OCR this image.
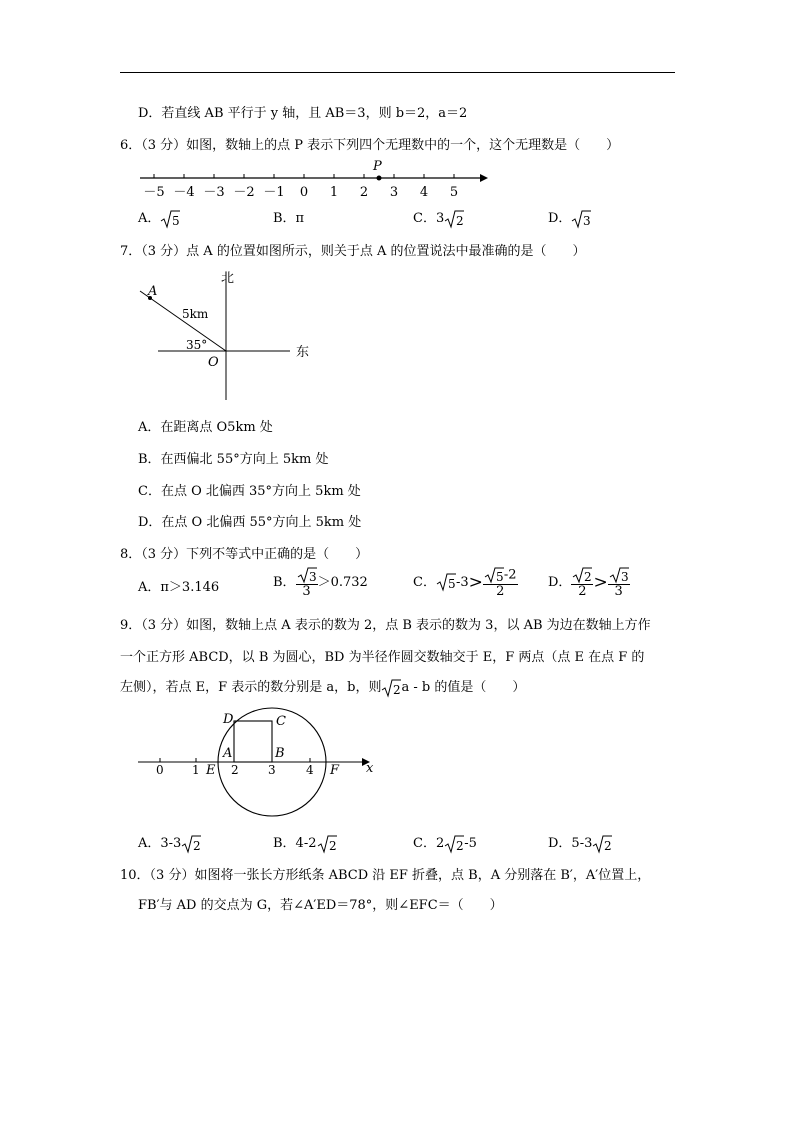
D．若直线 AB 平行于 y 轴，且 AB＝3，则 b＝2，a＝2
6．（3 分）如图，数轴上的点 P 表示下列四个无理数中的一个，这个无理数是（　　）
－5 －4 －3 －2 －1 0 1 2 3 4 5
P
A． 5	B．π	C．3 2	D． 3
7．（3 分）点 A 的位置如图所示，则关于点 A 的位置说法中最准确的是（　　）
北
东
A
O
5km
35°
A．在距离点 O5km 处
B．在西偏北 55°方向上 5km 处
C．在点 O 北偏西 35°方向上 5km 处
D．在点 O 北偏西 55°方向上 5km 处
8．（3 分）下列不等式中正确的是（　　）
A．π＞3.146	B． $\frac{3}{3} >0.732$	C． 5 $-3> \frac{5 -2}{2}$ D． $\frac{2}{2} > \frac{3}{3}$
9．（3 分）如图，数轴上点 A 表示的数为 2，点 B 表示的数为 3，以 AB 为边在数轴上方作
一个正方形 ABCD，以 B 为圆心，BD 为半径作圆交数轴交于 E，F 两点（点 E 在点 F 的
左侧），若点 E，F 表示的数分别是 a，b，则 2 a - b 的值是（　　）
D	C
A	B
E	F x
0 1	2 3	4
A．3-3 2	B．4-2 2	C．2 2 -5	D．5-3 2
10．（3 分）如图将一张长方形纸条 ABCD 沿 EF 折叠，点 B，A 分别落在 B′，A′位置上，
FB′与 AD 的交点为 G，若∠A′ED＝78°，则∠EFC＝（　　）
